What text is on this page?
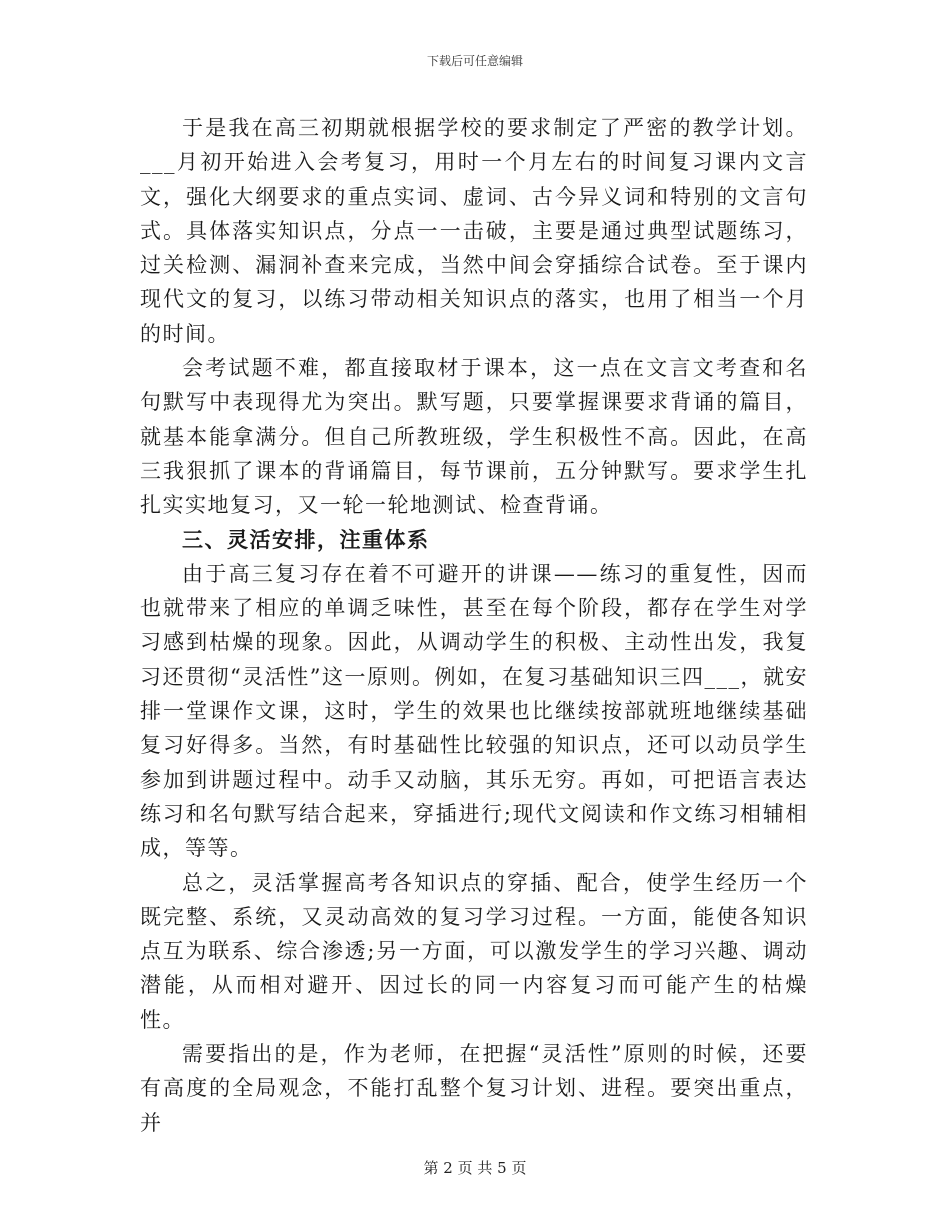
下载后可任意编辑

于是我在高三初期就根据学校的要求制定了严密的教学计划。___月初开始进入会考复习，用时一个月左右的时间复习课内文言文，强化大纲要求的重点实词、虚词、古今异义词和特别的文言句式。具体落实知识点，分点一一击破，主要是通过典型试题练习，过关检测、漏洞补查来完成，当然中间会穿插综合试卷。至于课内现代文的复习，以练习带动相关知识点的落实，也用了相当一个月的时间。

会考试题不难，都直接取材于课本，这一点在文言文考查和名句默写中表现得尤为突出。默写题，只要掌握课要求背诵的篇目，就基本能拿满分。但自己所教班级，学生积极性不高。因此，在高三我狠抓了课本的背诵篇目，每节课前，五分钟默写。要求学生扎扎实实地复习，又一轮一轮地测试、检查背诵。

三、灵活安排，注重体系

由于高三复习存在着不可避开的讲课——练习的重复性，因而也就带来了相应的单调乏味性，甚至在每个阶段，都存在学生对学习感到枯燥的现象。因此，从调动学生的积极、主动性出发，我复习还贯彻“灵活性”这一原则。例如，在复习基础知识三四___，就安排一堂课作文课，这时，学生的效果也比继续按部就班地继续基础复习好得多。当然，有时基础性比较强的知识点，还可以动员学生参加到讲题过程中。动手又动脑，其乐无穷。再如，可把语言表达练习和名句默写结合起来，穿插进行;现代文阅读和作文练习相辅相成，等等。

总之，灵活掌握高考各知识点的穿插、配合，使学生经历一个既完整、系统，又灵动高效的复习学习过程。一方面，能使各知识点互为联系、综合渗透;另一方面，可以激发学生的学习兴趣、调动潜能，从而相对避开、因过长的同一内容复习而可能产生的枯燥性。

需要指出的是，作为老师，在把握“灵活性”原则的时候，还要有高度的全局观念，不能打乱整个复习计划、进程。要突出重点，并

第 2 页 共 5 页
